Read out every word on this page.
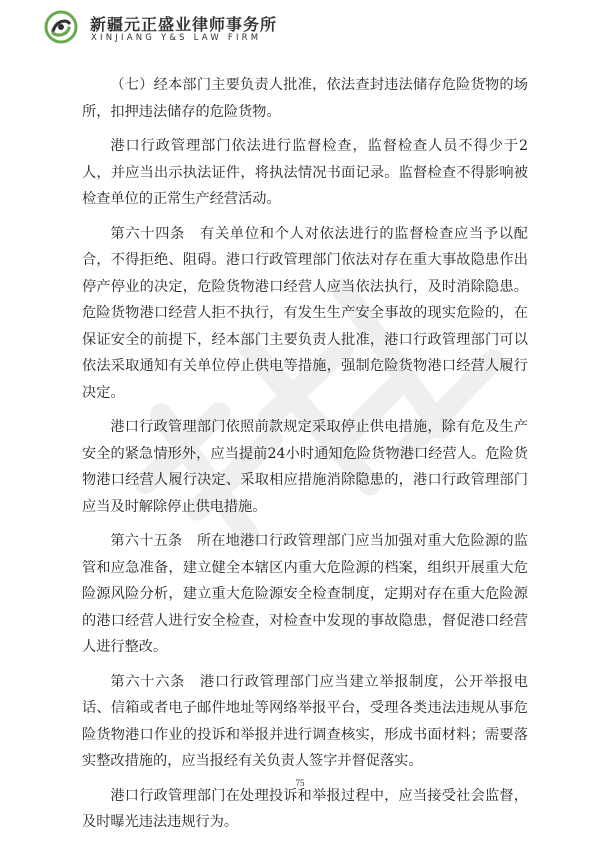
新疆元正盛业律师事务所
XINJIANG Y&S LAW FIRM

（七）经本部门主要负责人批准，依法查封违法储存危险货物的场所，扣押违法储存的危险货物。

港口行政管理部门依法进行监督检查，监督检查人员不得少于2人，并应当出示执法证件，将执法情况书面记录。监督检查不得影响被检查单位的正常生产经营活动。

第六十四条　有关单位和个人对依法进行的监督检查应当予以配合，不得拒绝、阻碍。港口行政管理部门依法对存在重大事故隐患作出停产停业的决定，危险货物港口经营人应当依法执行，及时消除隐患。危险货物港口经营人拒不执行，有发生生产安全事故的现实危险的，在保证安全的前提下，经本部门主要负责人批准，港口行政管理部门可以依法采取通知有关单位停止供电等措施，强制危险货物港口经营人履行决定。

港口行政管理部门依照前款规定采取停止供电措施，除有危及生产安全的紧急情形外，应当提前24小时通知危险货物港口经营人。危险货物港口经营人履行决定、采取相应措施消除隐患的，港口行政管理部门应当及时解除停止供电措施。

第六十五条　所在地港口行政管理部门应当加强对重大危险源的监管和应急准备，建立健全本辖区内重大危险源的档案，组织开展重大危险源风险分析，建立重大危险源安全检查制度，定期对存在重大危险源的港口经营人进行安全检查，对检查中发现的事故隐患，督促港口经营人进行整改。

第六十六条　港口行政管理部门应当建立举报制度，公开举报电话、信箱或者电子邮件地址等网络举报平台，受理各类违法违规从事危险货物港口作业的投诉和举报并进行调查核实，形成书面材料；需要落实整改措施的，应当报经有关负责人签字并督促落实。

港口行政管理部门在处理投诉和举报过程中，应当接受社会监督，及时曝光违法违规行为。

75
